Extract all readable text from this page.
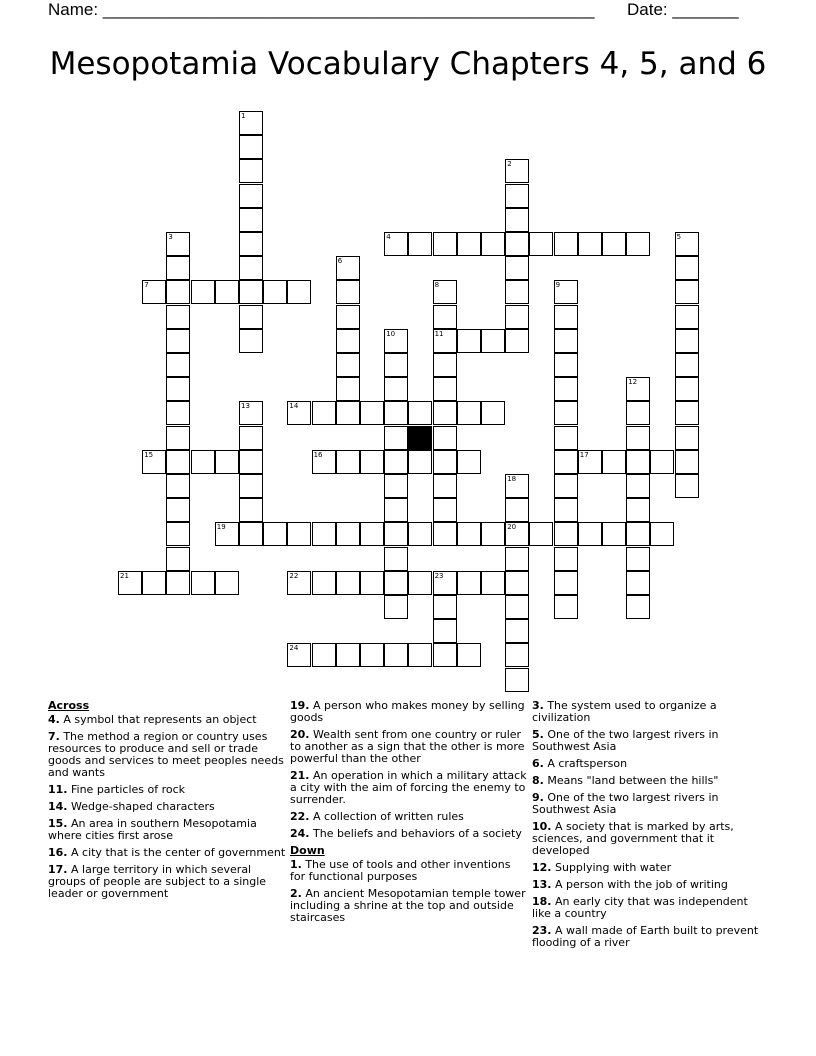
Name: ____________________________________________________

Date: _______

Mesopotamia Vocabulary Chapters 4, 5, and 6
4
7
11
14
15	16	17
19	20
21	22	23
24
1
2
3	5
6
8	9
10
12
13
18
Across
4. A symbol that represents an object
7. The method a region or country uses resources to produce and sell or trade goods and services to meet peoples needs and wants
11. Fine particles of rock
14. Wedge-shaped characters
15. An area in southern Mesopotamia where cities first arose
16. A city that is the center of government
17. A large territory in which several groups of people are subject to a single leader or government
19. A person who makes money by selling goods
20. Wealth sent from one country or ruler to another as a sign that the other is more powerful than the other
21. An operation in which a military attack a city with the aim of forcing the enemy to surrender.
22. A collection of written rules
24. The beliefs and behaviors of a society
Down
1. The use of tools and other inventions for functional purposes
2. An ancient Mesopotamian temple tower including a shrine at the top and outside staircases
3. The system used to organize a civilization
5. One of the two largest rivers in Southwest Asia
6. A craftsperson
8. Means "land between the hills"
9. One of the two largest rivers in Southwest Asia
10. A society that is marked by arts, sciences, and government that it developed
12. Supplying with water
13. A person with the job of writing
18. An early city that was independent like a country
23. A wall made of Earth built to prevent flooding of a river
